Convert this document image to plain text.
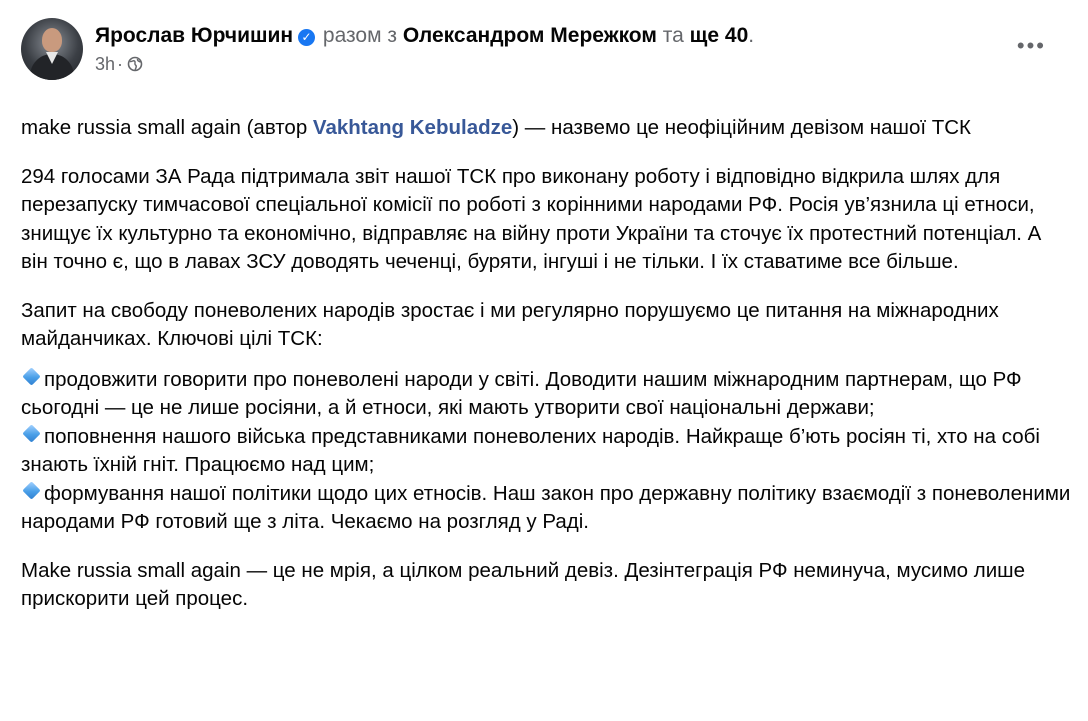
Ярослав Юрчишин ✓ разом з Олександром Мережком та ще 40.
3h ·
•••

make russia small again (автор Vakhtang Kebuladze) — назвемо це неофіційним девізом нашої ТСК

294 голосами ЗА Рада підтримала звіт нашої ТСК про виконану роботу і відповідно відкрила шлях для перезапуску тимчасової спеціальної комісії по роботі з корінними народами РФ. Росія ув’язнила ці етноси, знищує їх культурно та економічно, відправляє на війну проти України та сточує їх протестний потенціал. А він точно є, що в лавах ЗСУ доводять чеченці, буряти, інгуші і не тільки. І їх ставатиме все більше.

Запит на свободу поневолених народів зростає і ми регулярно порушуємо це питання на міжнародних майданчиках. Ключові цілі ТСК:

продовжити говорити про поневолені народи у світі. Доводити нашим міжнародним партнерам, що РФ сьогодні — це не лише росіяни, а й етноси, які мають утворити свої національні держави;
поповнення нашого війська представниками поневолених народів. Найкраще б’ють росіян ті, хто на собі знають їхній гніт. Працюємо над цим;
формування нашої політики щодо цих етносів. Наш закон про державну політику взаємодії з поневоленими народами РФ готовий ще з літа. Чекаємо на розгляд у Раді.

Make russia small again — це не мрія, а цілком реальний девіз. Дезінтеграція РФ неминуча, мусимо лише прискорити цей процес.
